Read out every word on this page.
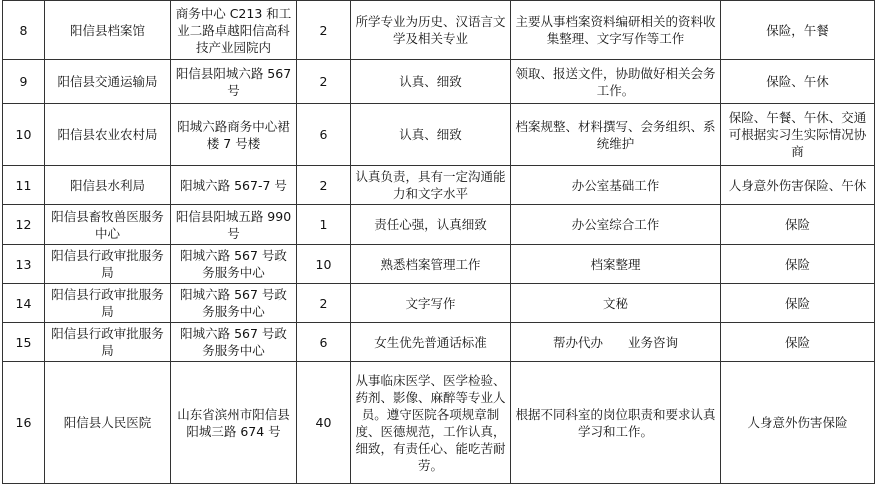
8	阳信县档案馆	商务中心 C213 和工业二路卓越阳信高科技产业园院内	2	所学专业为历史、汉语言文学及相关专业	主要从事档案资料编研相关的资料收集整理、文字写作等工作	保险，午餐
9	阳信县交通运输局	阳信县阳城六路 567 号	2	认真、细致	领取、报送文件，协助做好相关会务工作。	保险、午休
10	阳信县农业农村局	阳城六路商务中心裙楼 7 号楼	6	认真、细致	档案规整、材料撰写、会务组织、系统维护	保险、午餐、午休、交通可根据实习生实际情况协商
11	阳信县水利局	阳城六路 567-7 号	2	认真负责，具有一定沟通能力和文字水平	办公室基础工作	人身意外伤害保险、午休
12	阳信县畜牧兽医服务中心	阳信县阳城五路 990 号	1	责任心强，认真细致	办公室综合工作	保险
13	阳信县行政审批服务局	阳城六路 567 号政务服务中心	10	熟悉档案管理工作	档案整理	保险
14	阳信县行政审批服务局	阳城六路 567 号政务服务中心	2	文字写作	文秘	保险
15	阳信县行政审批服务局	阳城六路 567 号政务服务中心	6	女生优先普通话标准	帮办代办　　业务咨询	保险
16	阳信县人民医院	山东省滨州市阳信县阳城三路 674 号	40	从事临床医学、医学检验、药剂、影像、麻醉等专业人员。遵守医院各项规章制度、医德规范，工作认真，细致，有责任心、能吃苦耐劳。	根据不同科室的岗位职责和要求认真学习和工作。	人身意外伤害保险
